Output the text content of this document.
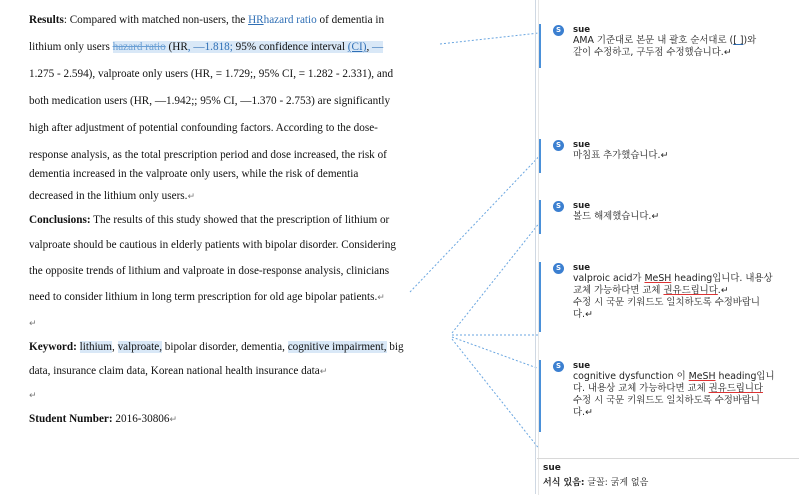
Results: Compared with matched non-users, the HRhazard ratio of dementia in
lithium only users hazard ratio (HR, —1.818; 95% confidence interval (CI), —
1.275 - 2.594), valproate only users (HR, = 1.729;, 95% CI, = 1.282 - 2.331), and
both medication users (HR, —1.942;; 95% CI, —1.370 - 2.753) are significantly
high after adjustment of potential confounding factors. According to the dose-
response analysis, as the total prescription period and dose increased, the risk of
dementia increased in the valproate only users, while the risk of dementia
decreased in the lithium only users.↵
Conclusions: The results of this study showed that the prescription of lithium or
valproate should be cautious in elderly patients with bipolar disorder. Considering
the opposite trends of lithium and valproate in dose-response analysis, clinicians
need to consider lithium in long term prescription for old age bipolar patients.↵
↵
Keyword: lithium, valproate, bipolar disorder, dementia, cognitive impairment, big
data, insurance claim data, Korean national health insurance data↵
↵
Student Number: 2016-30806↵
S	sue
AMA 기준대로 본문 내 괄호 순서대로 ([ ])와
같이 수정하고, 구두점 수정했습니다.↵
S	sue
마침표 추가했습니다.↵
S	sue
볼드 해제했습니다.↵
S	sue
valproic acid가 MeSH heading입니다. 내용상
교체 가능하다면 교체 권유드립니다.↵
수정 시 국문 키워드도 일치하도록 수정바랍니
다.↵
S	sue
cognitive dysfunction 이 MeSH heading입니
다. 내용상 교체 가능하다면 교체 권유드립니다
수정 시 국문 키워드도 일치하도록 수정바랍니
다.↵
sue
서식 있음: 글꼴: 굵게 없음
